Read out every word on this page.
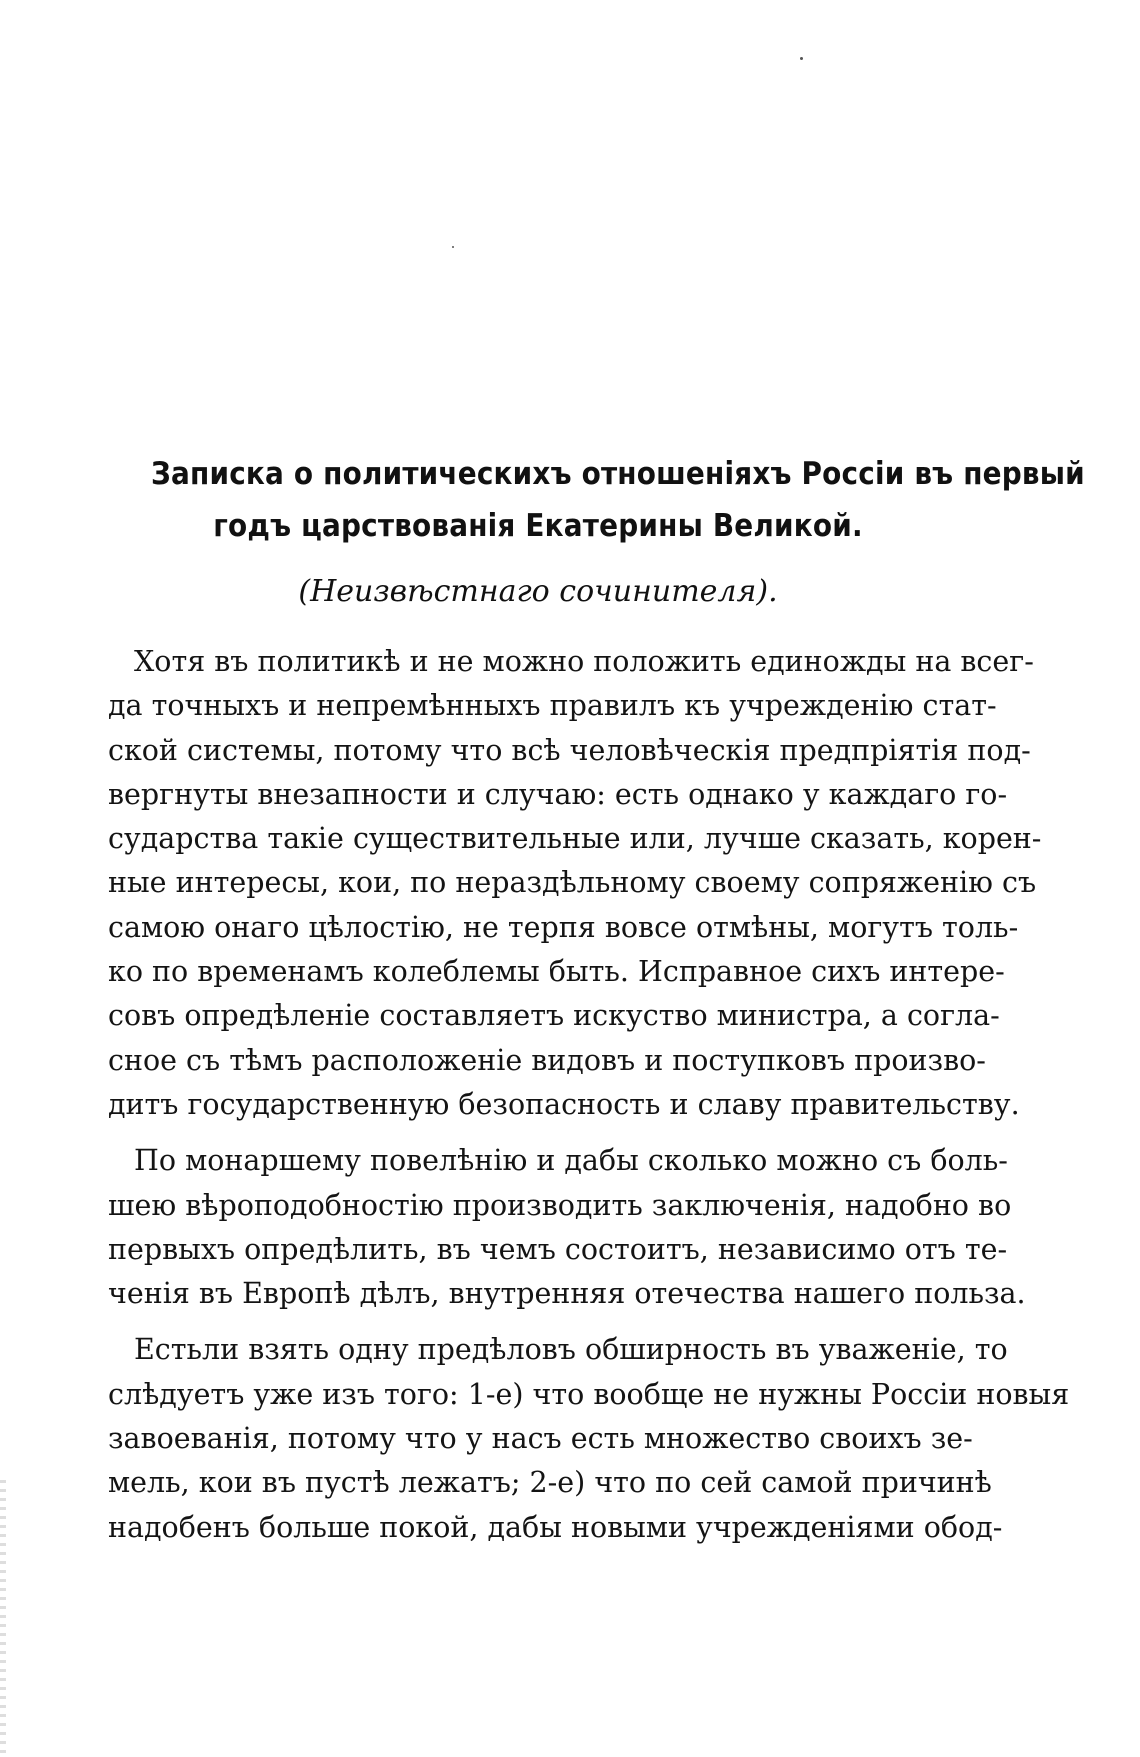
Записка о политическихъ отношеніяхъ Россіи въ первый
годъ царствованія Екатерины Великой.
(Неизвѣстнаго сочинителя).
Хотя въ политикѣ и не можно положить единожды на всег-
да точныхъ и непремѣнныхъ правилъ къ учрежденію стат-
ской системы, потому что всѣ человѣческія предпріятія под-
вергнуты внезапности и случаю: есть однако у каждаго го-
сударства такіе существительные или, лучше сказать, корен-
ные интересы, кои, по нераздѣльному своему сопряженію съ
самою онаго цѣлостію, не терпя вовсе отмѣны, могутъ толь-
ко по временамъ колеблемы быть. Исправное сихъ интере-
совъ опредѣленіе составляетъ искуство министра, а согла-
сное съ тѣмъ расположеніе видовъ и поступковъ произво-
дитъ государственную безопасность и славу правительству.
По монаршему повелѣнію и дабы сколько можно съ боль-
шею вѣроподобностію производить заключенія, надобно во
первыхъ опредѣлить, въ чемъ состоитъ, независимо отъ те-
ченія въ Европѣ дѣлъ, внутренняя отечества нашего польза.
Естьли взять одну предѣловъ обширность въ уваженіе, то
слѣдуетъ уже изъ того: 1-е) что вообще не нужны Россіи новыя
завоеванія, потому что у насъ есть множество своихъ зе-
мель, кои въ пустѣ лежатъ; 2-е) что по сей самой причинѣ
надобенъ больше покой, дабы новыми учрежденіями обод-
